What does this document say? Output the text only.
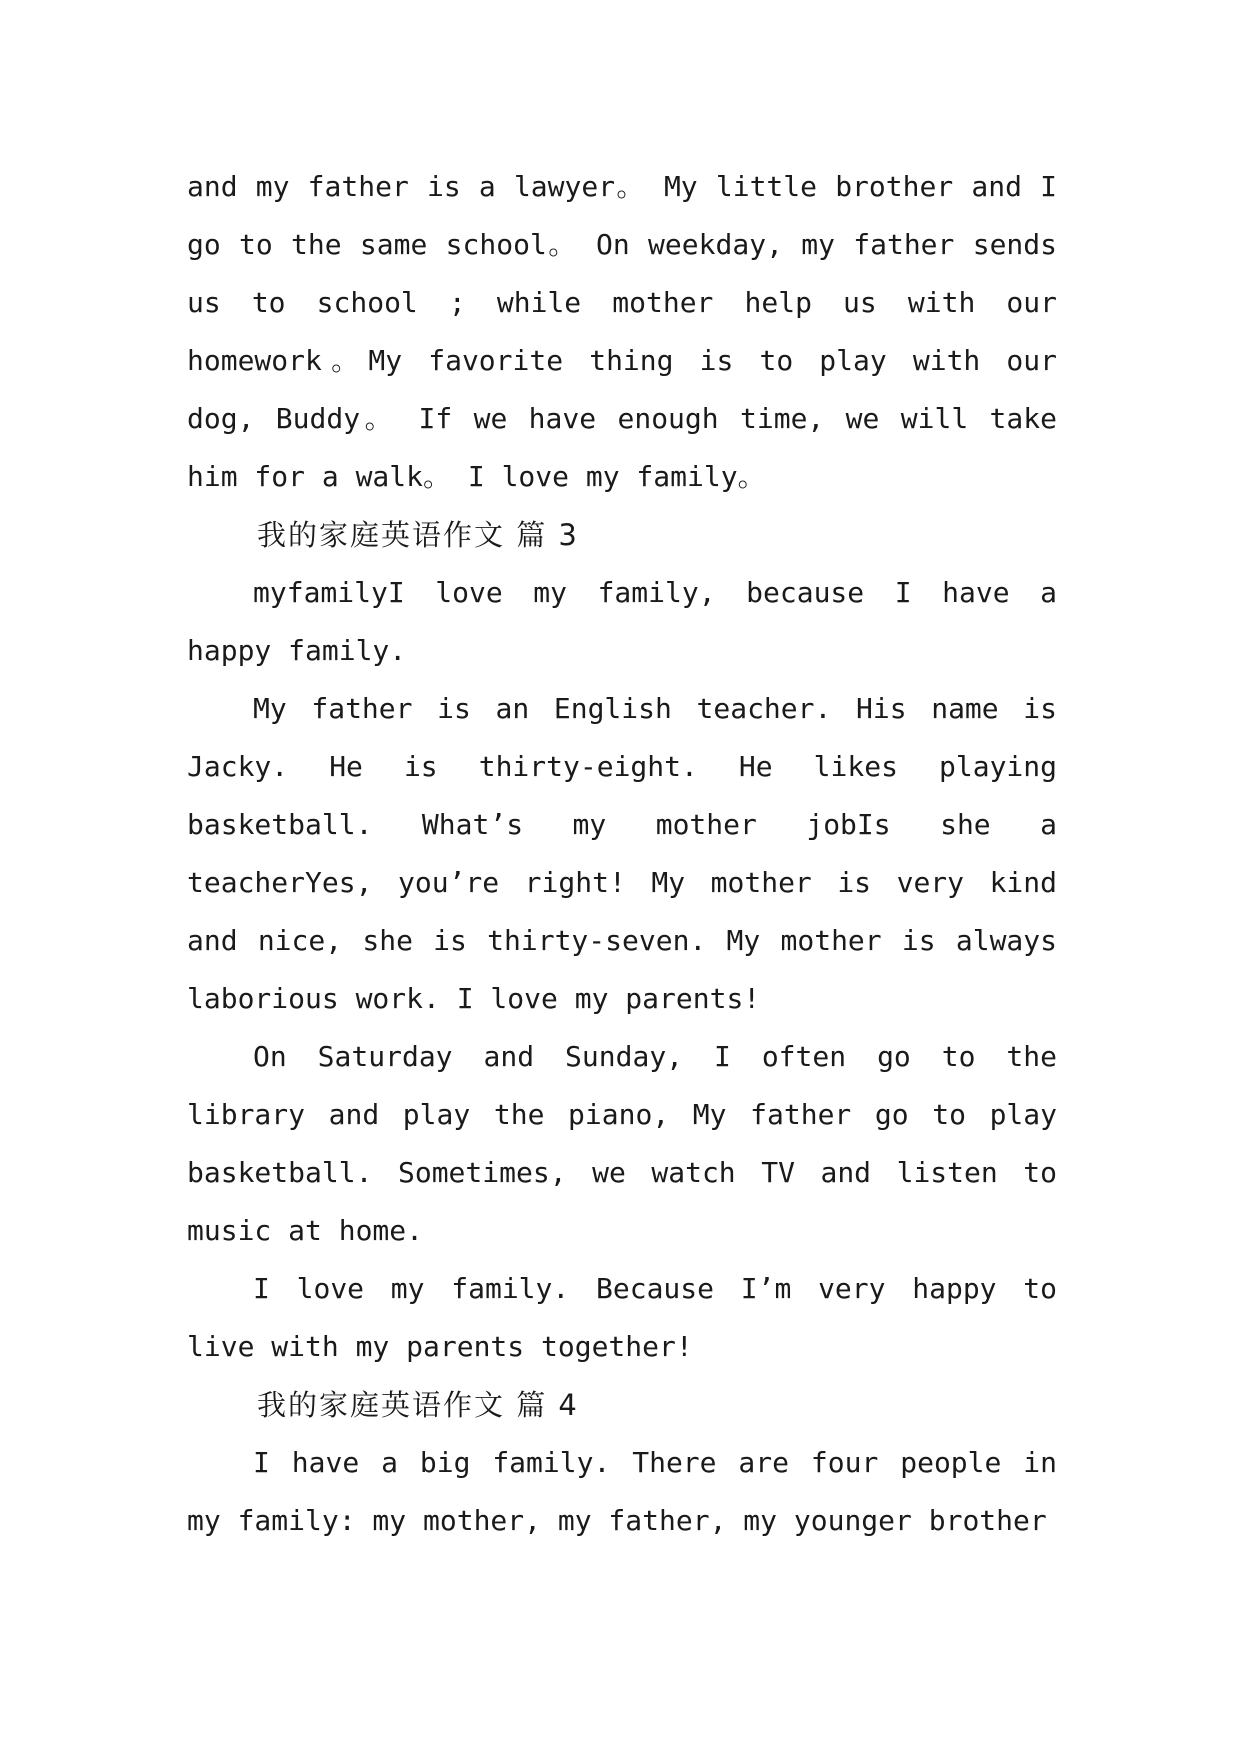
and my father is a lawyer。 My little brother and I go to the same school。 On weekday, my father sends us to school ; while mother help us with our homework。My favorite thing is to play with our dog, Buddy。 If we have enough time, we will take him for a walk。 I love my family。

我的家庭英语作文 篇 3

myfamilyI love my family, because I have a happy family.

My father is an English teacher. His name is Jacky. He is thirty-eight. He likes playing basketball. What’s my mother jobIs she a teacherYes, you’re right! My mother is very kind and nice, she is thirty-seven. My mother is always laborious work. I love my parents!

On Saturday and Sunday, I often go to the library and play the piano, My father go to play basketball. Sometimes, we watch TV and listen to music at home.

I love my family. Because I’m very happy to live with my parents together!

我的家庭英语作文 篇 4

I have a big family. There are four people in my family: my mother, my father, my younger brother
